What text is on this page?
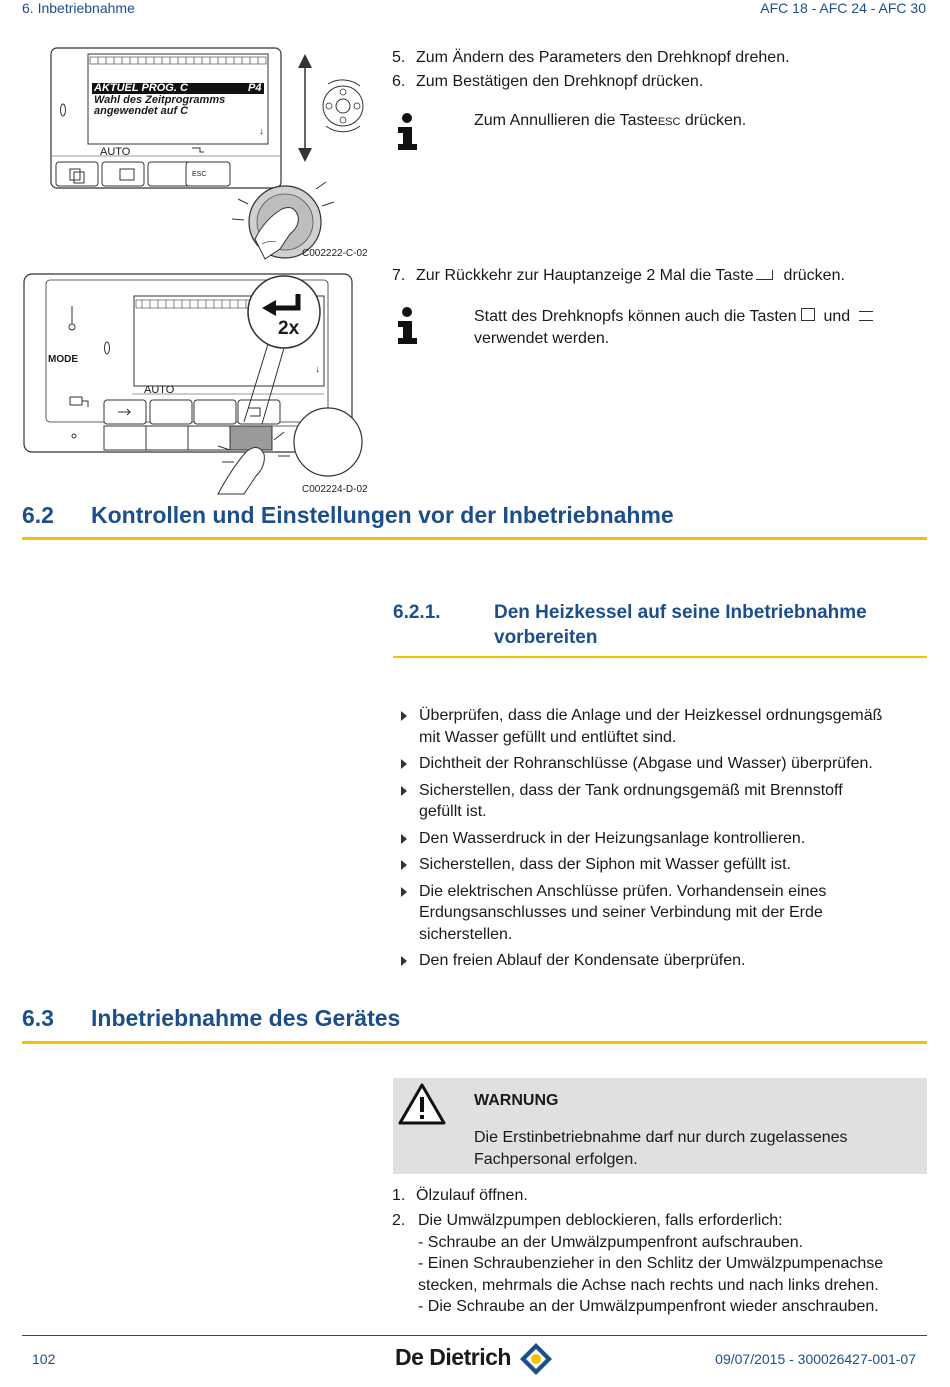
6. Inbetriebnahme	AFC 18 - AFC 24 - AFC 30
↓
AKTUEL PROG. C	P4
Wahl des Zeitprogramms
angewendet auf C
AUTO
ESC
C002222-C-02
↓
MODE
AUTO
2x
C002224-D-02
5. Zum Ändern des Parameters den Drehknopf drehen.
6. Zum Bestätigen den Drehknopf drücken.
Zum Annullieren die TasteESC drücken.
7. Zur Rückkehr zur Hauptanzeige 2 Mal die Taste  drücken.
Statt des Drehknopfs können auch die Tasten  und
verwendet werden.
6.2 Kontrollen und Einstellungen vor der Inbetriebnahme
6.2.1.	Den Heizkessel auf seine Inbetriebnahme
vorbereiten
Überprüfen, dass die Anlage und der Heizkessel ordnungsgemäß
mit Wasser gefüllt und entlüftet sind.
Dichtheit der Rohranschlüsse (Abgase und Wasser) überprüfen.
Sicherstellen, dass der Tank ordnungsgemäß mit Brennstoff
gefüllt ist.
Den Wasserdruck in der Heizungsanlage kontrollieren.
Sicherstellen, dass der Siphon mit Wasser gefüllt ist.
Die elektrischen Anschlüsse prüfen. Vorhandensein eines
Erdungsanschlusses und seiner Verbindung mit der Erde
sicherstellen.
Den freien Ablauf der Kondensate überprüfen.
6.3 Inbetriebnahme des Gerätes
WARNUNG
Die Erstinbetriebnahme darf nur durch zugelassenes
Fachpersonal erfolgen.
1. Ölzulauf öffnen.
2. Die Umwälzpumpen deblockieren, falls erforderlich:
- Schraube an der Umwälzpumpenfront aufschrauben.
- Einen Schraubenzieher in den Schlitz der Umwälzpumpenachse
stecken, mehrmals die Achse nach rechts und nach links drehen.
- Die Schraube an der Umwälzpumpenfront wieder anschrauben.
102	De Dietrich	09/07/2015 - 300026427-001-07
